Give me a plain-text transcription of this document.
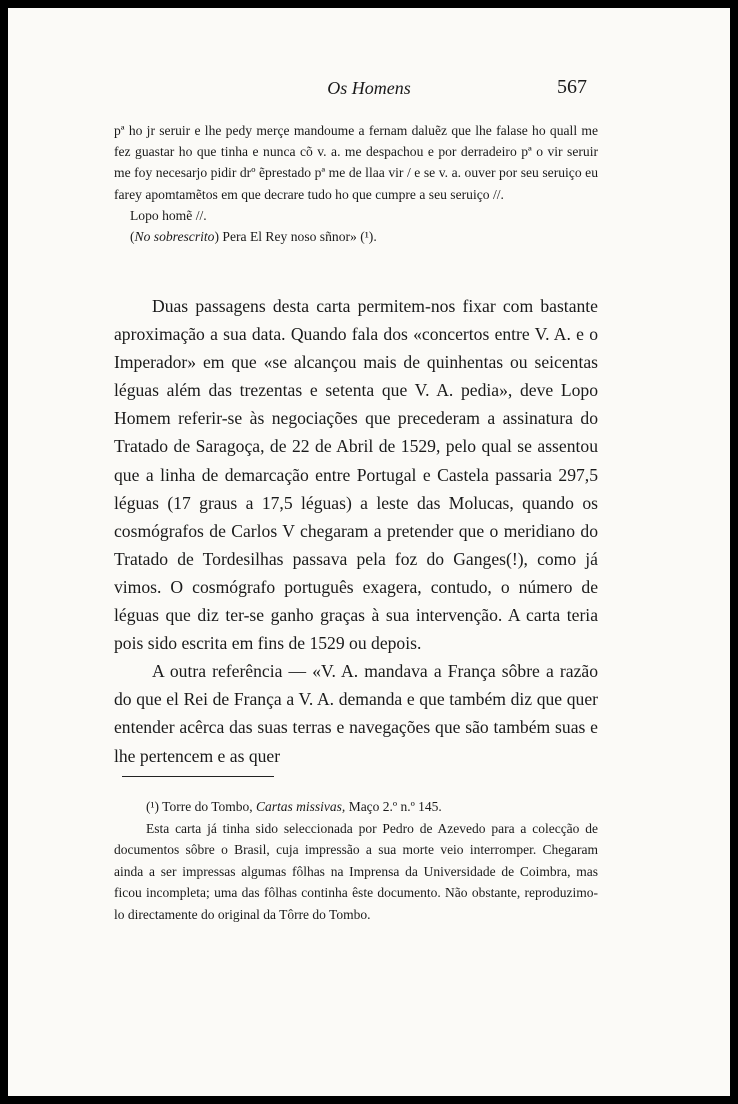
Os Homens	567

pª ho jr seruir e lhe pedy merçe mandoume a fernam daluẽz que lhe falase ho quall me fez guastar ho que tinha e nunca cõ v. a. me despachou e por derradeiro pª o vir seruir me foy necesarjo pidir drº ẽprestado pª me de llaa vir / e se v. a. ouver por seu seruiço eu farey apomtamẽtos em que decrare tudo ho que cumpre a seu seruiço //.

Lopo homẽ //.

(No sobrescrito) Pera El Rey noso sñnor» (¹).

Duas passagens desta carta permitem-nos fixar com bastante aproximação a sua data. Quando fala dos «concertos entre V. A. e o Imperador» em que «se alcançou mais de quinhentas ou seicentas léguas além das trezentas e setenta que V. A. pedia», deve Lopo Homem referir-se às negociações que precederam a assinatura do Tratado de Saragoça, de 22 de Abril de 1529, pelo qual se assentou que a linha de demarcação entre Portugal e Castela passaria 297,5 léguas (17 graus a 17,5 léguas) a leste das Molucas, quando os cosmógrafos de Carlos V chegaram a pretender que o meridiano do Tratado de Tordesilhas passava pela foz do Ganges(!), como já vimos. O cosmógrafo português exagera, contudo, o número de léguas que diz ter-se ganho graças à sua intervenção. A carta teria pois sido escrita em fins de 1529 ou depois.

A outra referência — «V. A. mandava a França sôbre a razão do que el Rei de França a V. A. demanda e que também diz que quer entender acêrca das suas terras e navegações que são também suas e lhe pertencem e as quer

(¹) Torre do Tombo, Cartas missivas, Maço 2.º n.º 145.

Esta carta já tinha sido seleccionada por Pedro de Azevedo para a colecção de documentos sôbre o Brasil, cuja impressão a sua morte veio interromper. Chegaram ainda a ser impressas algumas fôlhas na Imprensa da Universidade de Coimbra, mas ficou incompleta; uma das fôlhas continha êste documento. Não obstante, reproduzimo-lo directamente do original da Tôrre do Tombo.
